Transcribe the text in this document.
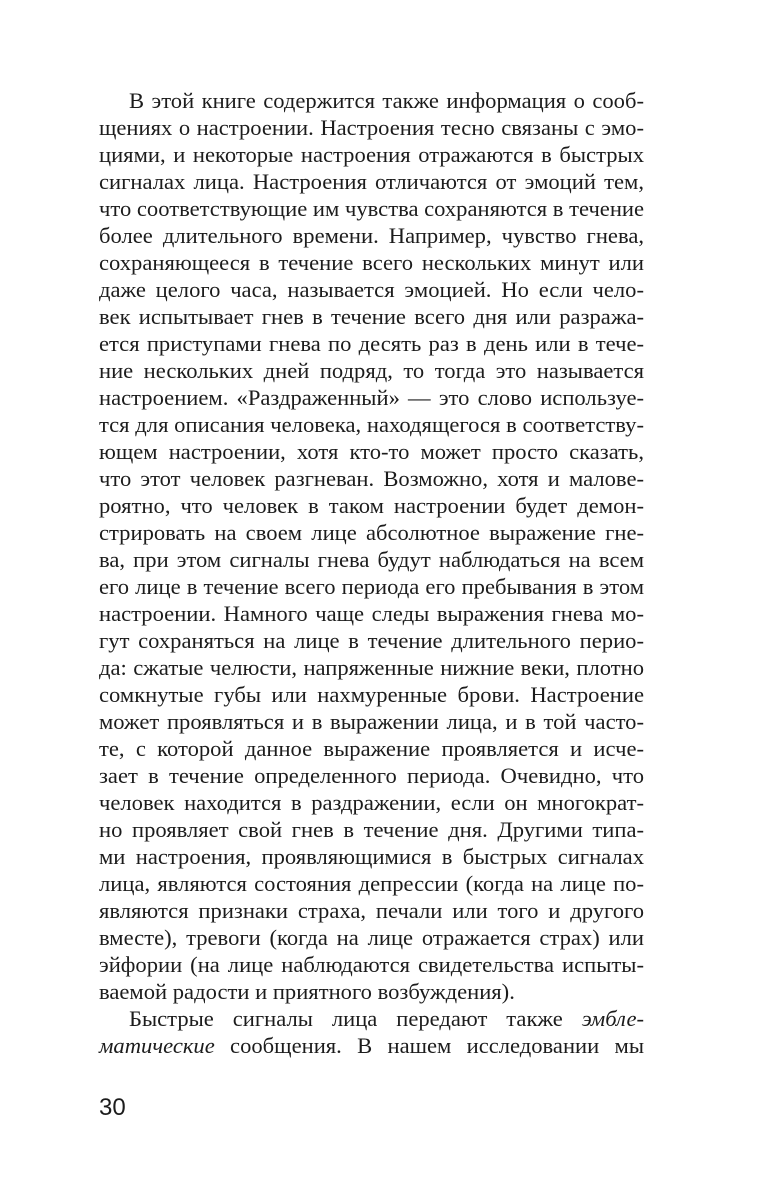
В этой книге содержится также информация о сооб-
щениях о настроении. Настроения тесно связаны с эмо-
циями, и некоторые настроения отражаются в быстрых
сигналах лица. Настроения отличаются от эмоций тем,
что соответствующие им чувства сохраняются в течение
более длительного времени. Например, чувство гнева,
сохраняющееся в течение всего нескольких минут или
даже целого часа, называется эмоцией. Но если чело-
век испытывает гнев в течение всего дня или разража-
ется приступами гнева по десять раз в день или в тече-
ние нескольких дней подряд, то тогда это называется
настроением. «Раздраженный» — это слово используе-
тся для описания человека, находящегося в соответству-
ющем настроении, хотя кто-то может просто сказать,
что этот человек разгневан. Возможно, хотя и малове-
роятно, что человек в таком настроении будет демон-
стрировать на своем лице абсолютное выражение гне-
ва, при этом сигналы гнева будут наблюдаться на всем
его лице в течение всего периода его пребывания в этом
настроении. Намного чаще следы выражения гнева мо-
гут сохраняться на лице в течение длительного перио-
да: сжатые челюсти, напряженные нижние веки, плотно
сомкнутые губы или нахмуренные брови. Настроение
может проявляться и в выражении лица, и в той часто-
те, с которой данное выражение проявляется и исче-
зает в течение определенного периода. Очевидно, что
человек находится в раздражении, если он многократ-
но проявляет свой гнев в течение дня. Другими типа-
ми настроения, проявляющимися в быстрых сигналах
лица, являются состояния депрессии (когда на лице по-
являются признаки страха, печали или того и другого
вместе), тревоги (когда на лице отражается страх) или
эйфории (на лице наблюдаются свидетельства испыты-
ваемой радости и приятного возбуждения).
Быстрые сигналы лица передают также эмбле-
матические сообщения. В нашем исследовании мы
30
